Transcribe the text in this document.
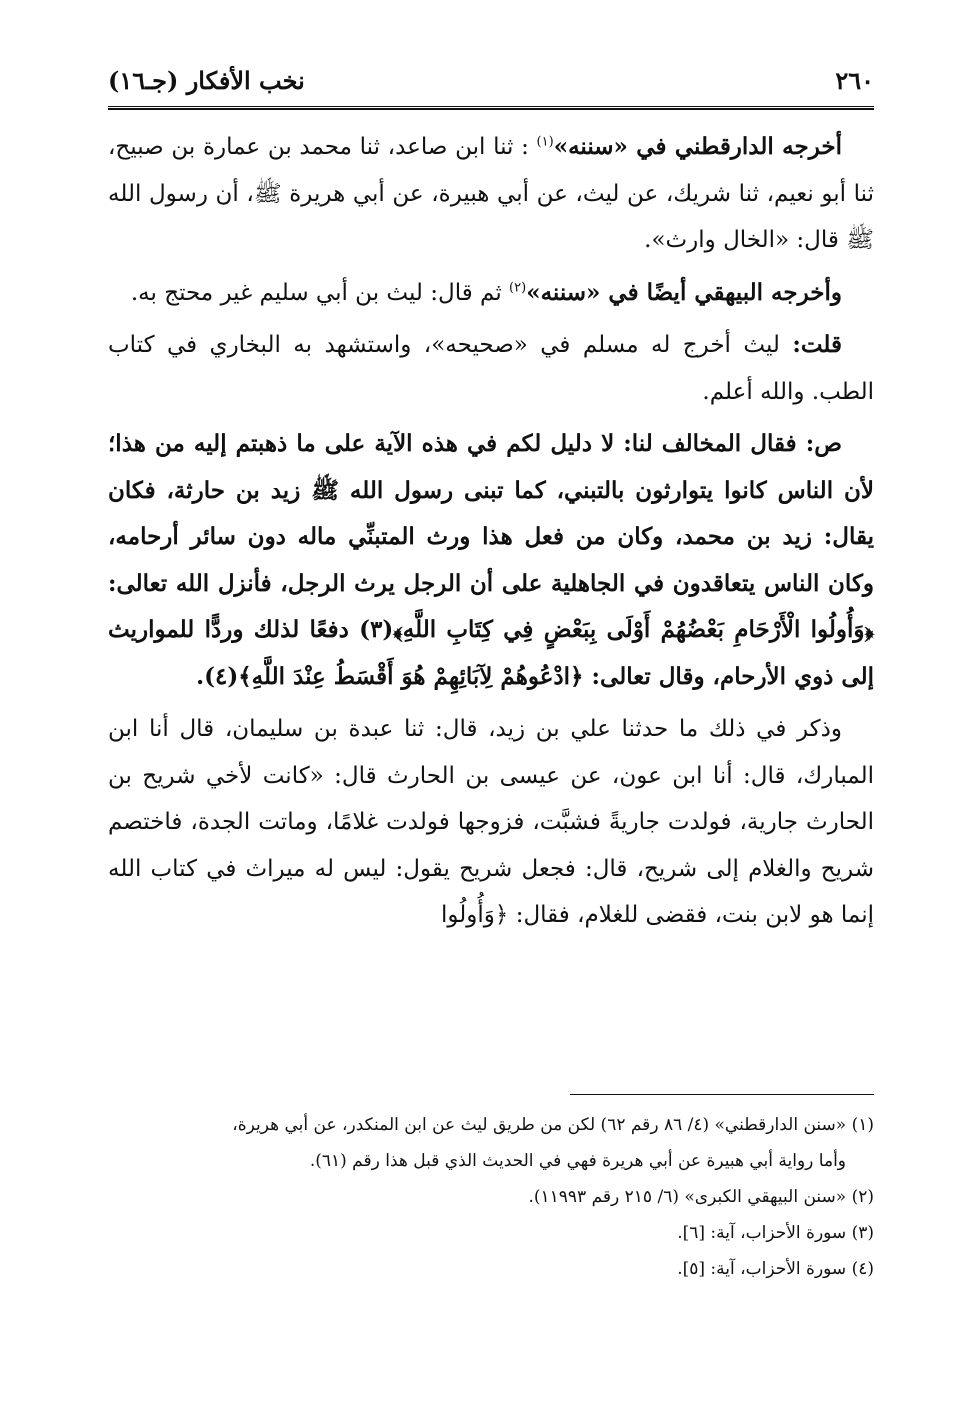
٢٦٠
نخب الأفكار (جـ١٦)

أخرجه الدارقطني في «سننه»$^{(١)}$ : ثنا ابن صاعد، ثنا محمد بن عمارة بن صبيح، ثنا أبو نعيم، ثنا شريك، عن ليث، عن أبي هبيرة، عن أبي هريرة ﷺ، أن رسول الله ﷺ قال: «الخال وارث».

وأخرجه البيهقي أيضًا في «سننه»$^{(٢)}$ ثم قال: ليث بن أبي سليم غير محتج به.

قلت: ليث أخرج له مسلم في «صحيحه»، واستشهد به البخاري في كتاب الطب. والله أعلم.

ص: فقال المخالف لنا: لا دليل لكم في هذه الآية على ما ذهبتم إليه من هذا؛ لأن الناس كانوا يتوارثون بالتبني، كما تبنى رسول الله ﷺ زيد بن حارثة، فكان يقال: زيد بن محمد، وكان من فعل هذا ورث المتبنِّي ماله دون سائر أرحامه، وكان الناس يتعاقدون في الجاهلية على أن الرجل يرث الرجل، فأنزل الله تعالى: ﴿وَأُولُوا الْأَرْحَامِ بَعْضُهُمْ أَوْلَى بِبَعْضٍ فِي كِتَابِ اللَّهِ﴾(٣) دفعًا لذلك وردًّا للمواريث إلى ذوي الأرحام، وقال تعالى: ﴿ادْعُوهُمْ لِآبَائِهِمْ هُوَ أَقْسَطُ عِنْدَ اللَّهِ﴾(٤).

وذكر في ذلك ما حدثنا علي بن زيد، قال: ثنا عبدة بن سليمان، قال أنا ابن المبارك، قال: أنا ابن عون، عن عيسى بن الحارث قال: «كانت لأخي شريح بن الحارث جارية، فولدت جاريةً فشبَّت، فزوجها فولدت غلامًا، وماتت الجدة، فاختصم شريح والغلام إلى شريح، قال: فجعل شريح يقول: ليس له ميراث في كتاب الله إنما هو لابن بنت، فقضى للغلام، فقال: ﴿وَأُولُوا

(١) «سنن الدارقطني» (٤/ ٨٦ رقم ٦٢) لكن من طريق ليث عن ابن المنكدر، عن أبي هريرة،

وأما رواية أبي هبيرة عن أبي هريرة فهي في الحديث الذي قبل هذا رقم (٦١).

(٢) «سنن البيهقي الكبرى» (٦/ ٢١٥ رقم ١١٩٩٣).

(٣) سورة الأحزاب، آية: [٦].

(٤) سورة الأحزاب، آية: [٥].
